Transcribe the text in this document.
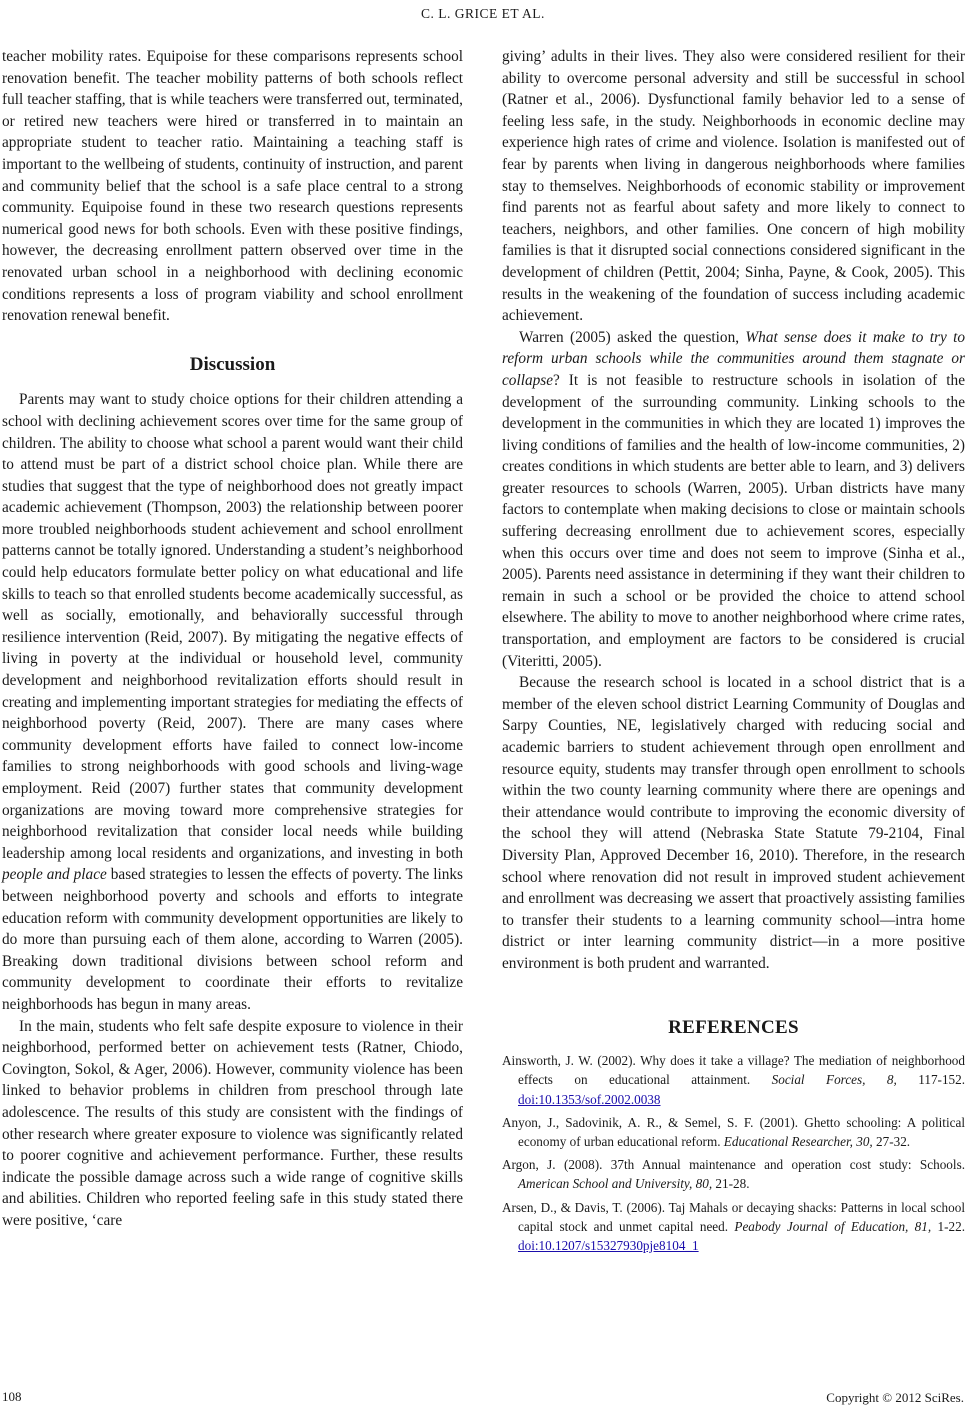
C. L. GRICE ET AL.

teacher mobility rates. Equipoise for these comparisons represents school renovation benefit. The teacher mobility patterns of both schools reflect full teacher staffing, that is while teachers were transferred out, terminated, or retired new teachers were hired or transferred in to maintain an appropriate student to teacher ratio. Maintaining a teaching staff is important to the wellbeing of students, continuity of instruction, and parent and community belief that the school is a safe place central to a strong community. Equipoise found in these two research questions represents numerical good news for both schools. Even with these positive findings, however, the decreasing enrollment pattern observed over time in the renovated urban school in a neighborhood with declining economic conditions represents a loss of program viability and school enrollment renovation renewal benefit.

Discussion

Parents may want to study choice options for their children attending a school with declining achievement scores over time for the same group of children. The ability to choose what school a parent would want their child to attend must be part of a district school choice plan. While there are studies that suggest that the type of neighborhood does not greatly impact academic achievement (Thompson, 2003) the relationship between poorer more troubled neighborhoods student achievement and school enrollment patterns cannot be totally ignored. Understanding a student’s neighborhood could help educators formulate better policy on what educational and life skills to teach so that enrolled students become academically successful, as well as socially, emotionally, and behaviorally successful through resilience intervention (Reid, 2007). By mitigating the negative effects of living in poverty at the individual or household level, community development and neighborhood revitalization efforts should result in creating and implementing important strategies for mediating the effects of neighborhood poverty (Reid, 2007). There are many cases where community development efforts have failed to connect low-income families to strong neighborhoods with good schools and living-wage employment. Reid (2007) further states that community development organizations are moving toward more comprehensive strategies for neighborhood revitalization that consider local needs while building leadership among local residents and organizations, and investing in both people and place based strategies to lessen the effects of poverty. The links between neighborhood poverty and schools and efforts to integrate education reform with community development opportunities are likely to do more than pursuing each of them alone, according to Warren (2005). Breaking down traditional divisions between school reform and community development to coordinate their efforts to revitalize neighborhoods has begun in many areas.

In the main, students who felt safe despite exposure to violence in their neighborhood, performed better on achievement tests (Ratner, Chiodo, Covington, Sokol, & Ager, 2006). However, community violence has been linked to behavior problems in children from preschool through late adolescence. The results of this study are consistent with the findings of other research where greater exposure to violence was significantly related to poorer cognitive and achievement performance. Further, these results indicate the possible damage across such a wide range of cognitive skills and abilities. Children who reported feeling safe in this study stated there were positive, ‘care

giving’ adults in their lives. They also were considered resilient for their ability to overcome personal adversity and still be successful in school (Ratner et al., 2006). Dysfunctional family behavior led to a sense of feeling less safe, in the study. Neighborhoods in economic decline may experience high rates of crime and violence. Isolation is manifested out of fear by parents when living in dangerous neighborhoods where families stay to themselves. Neighborhoods of economic stability or improvement find parents not as fearful about safety and more likely to connect to teachers, neighbors, and other families. One concern of high mobility families is that it disrupted social connections considered significant in the development of children (Pettit, 2004; Sinha, Payne, & Cook, 2005). This results in the weakening of the foundation of success including academic achievement.

Warren (2005) asked the question, What sense does it make to try to reform urban schools while the communities around them stagnate or collapse? It is not feasible to restructure schools in isolation of the development of the surrounding community. Linking schools to the development in the communities in which they are located 1) improves the living conditions of families and the health of low-income communities, 2) creates conditions in which students are better able to learn, and 3) delivers greater resources to schools (Warren, 2005). Urban districts have many factors to contemplate when making decisions to close or maintain schools suffering decreasing enrollment due to achievement scores, especially when this occurs over time and does not seem to improve (Sinha et al., 2005). Parents need assistance in determining if they want their children to remain in such a school or be provided the choice to attend school elsewhere. The ability to move to another neighborhood where crime rates, transportation, and employment are factors to be considered is crucial (Viteritti, 2005).

Because the research school is located in a school district that is a member of the eleven school district Learning Community of Douglas and Sarpy Counties, NE, legislatively charged with reducing social and academic barriers to student achievement through open enrollment and resource equity, students may transfer through open enrollment to schools within the two county learning community where there are openings and their attendance would contribute to improving the economic diversity of the school they will attend (Nebraska State Statute 79-2104, Final Diversity Plan, Approved December 16, 2010). Therefore, in the research school where renovation did not result in improved student achievement and enrollment was decreasing we assert that proactively assisting families to transfer their students to a learning community school—intra home district or inter learning community district—in a more positive environment is both prudent and warranted.

REFERENCES

Ainsworth, J. W. (2002). Why does it take a village? The mediation of neighborhood effects on educational attainment. Social Forces, 8, 117-152. doi:10.1353/sof.2002.0038

Anyon, J., Sadovinik, A. R., & Semel, S. F. (2001). Ghetto schooling: A political economy of urban educational reform. Educational Researcher, 30, 27-32.

Argon, J. (2008). 37th Annual maintenance and operation cost study: Schools. American School and University, 80, 21-28.

Arsen, D., & Davis, T. (2006). Taj Mahals or decaying shacks: Patterns in local school capital stock and unmet capital need. Peabody Journal of Education, 81, 1-22. doi:10.1207/s15327930pje8104_1

108	Copyright © 2012 SciRes.
